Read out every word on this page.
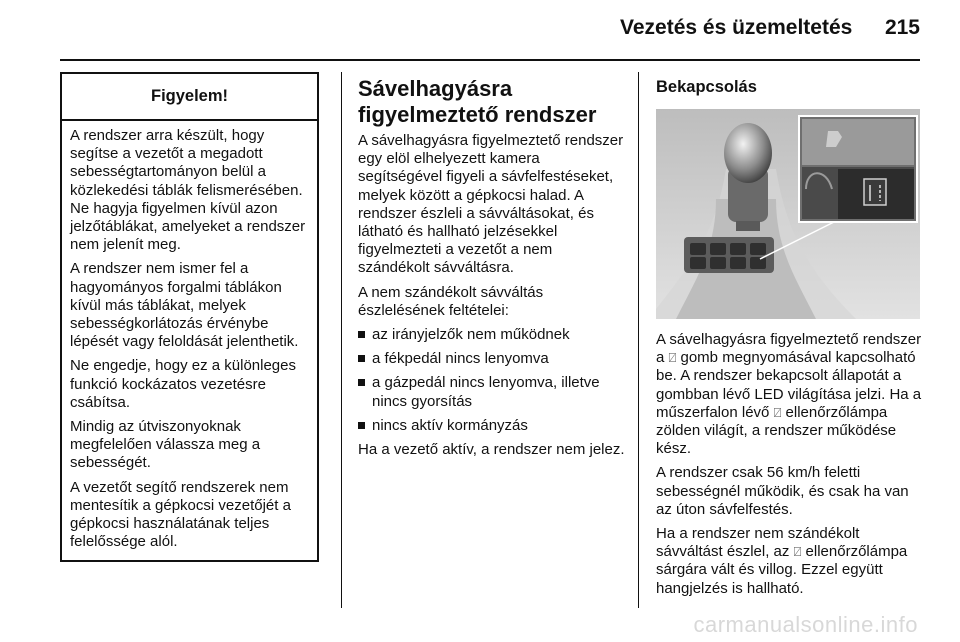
Vezetés és üzemeltetés 215
Figyelem!

A rendszer arra készült, hogy segítse a vezetőt a megadott sebességtartományon belül a közlekedési táblák felismerésében. Ne hagyja figyelmen kívül azon jelzőtáblákat, amelyeket a rendszer nem jelenít meg.

A rendszer nem ismer fel a hagyományos forgalmi táblákon kívül más táblákat, melyek sebességkorlátozás érvénybe lépését vagy feloldását jelenthetik.

Ne engedje, hogy ez a különleges funkció kockázatos vezetésre csábítsa.

Mindig az útviszonyoknak megfelelően válassza meg a sebességét.

A vezetőt segítő rendszerek nem mentesítik a gépkocsi vezetőjét a gépkocsi használatának teljes felelőssége alól.

Sávelhagyásra
figyelmeztető rendszer

A sávelhagyásra figyelmeztető rendszer egy elöl elhelyezett kamera segítségével figyeli a sávfelfestéseket, melyek között a gépkocsi halad. A rendszer észleli a sávváltásokat, és látható és hallható jelzésekkel figyelmezteti a vezetőt a nem szándékolt sávváltásra.

A nem szándékolt sávváltás észlelésének feltételei:

az irányjelzők nem működnek
a fékpedál nincs lenyomva
a gázpedál nincs lenyomva, illetve nincs gyorsítás
nincs aktív kormányzás

Ha a vezető aktív, a rendszer nem jelez.

Bekapcsolás

A sávelhagyásra figyelmeztető rendszer a ⍁ gomb megnyomásával kapcsolható be. A rendszer bekapcsolt állapotát a gombban lévő LED világítása jelzi. Ha a műszerfalon lévő ⍁ ellenőrzőlámpa zölden világít, a rendszer működése kész.

A rendszer csak 56 km/h feletti sebességnél működik, és csak ha van az úton sávfelfestés.

Ha a rendszer nem szándékolt sávváltást észlel, az ⍁ ellenőrzőlámpa sárgára vált és villog. Ezzel együtt hangjelzés is hallható.

carmanualsonline.info
